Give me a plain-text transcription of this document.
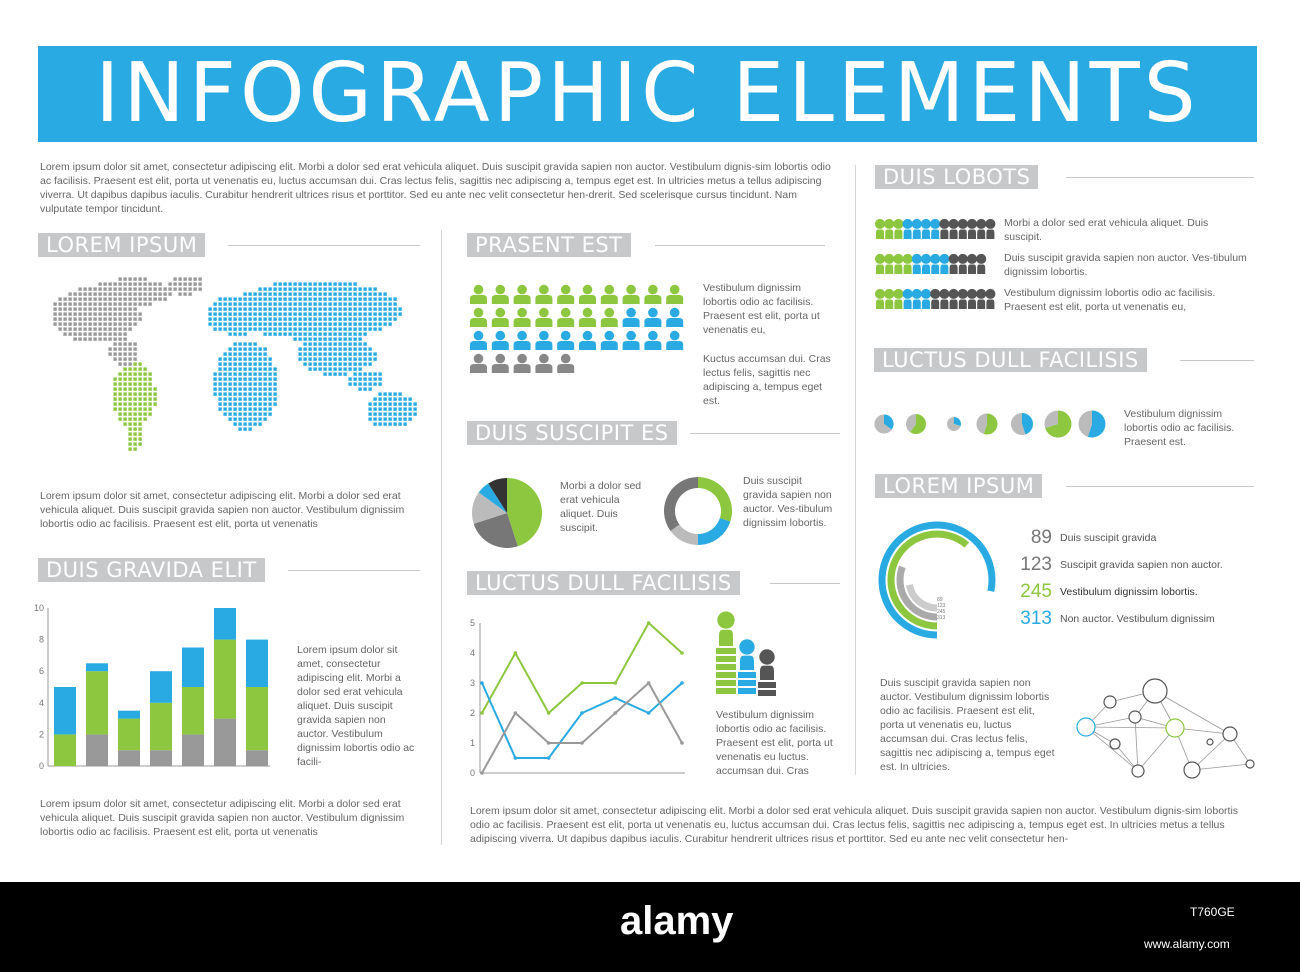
INFOGRAPHIC ELEMENTS
Lorem ipsum dolor sit amet, consectetur adipiscing elit. Morbi a dolor sed erat vehicula aliquet. Duis suscipit gravida sapien non auctor. Vestibulum dignis-sim lobortis odio ac facilisis. Praesent est elit, porta ut venenatis eu, luctus accumsan dui. Cras lectus felis, sagittis nec adipiscing a, tempus eget est. In ultricies metus a tellus adipiscing viverra. Ut dapibus dapibus iaculis. Curabitur hendrerit ultrices risus et porttitor. Sed eu ante nec velit consectetur hen-drerit. Sed scelerisque cursus tincidunt. Nam vulputate tempor tincidunt.
LOREM IPSUM
Lorem ipsum dolor sit amet, consectetur adipiscing elit. Morbi a dolor sed erat vehicula aliquet. Duis suscipit gravida sapien non auctor. Vestibulum dignissim lobortis odio ac facilisis. Praesent est elit, porta ut venenatis
DUIS GRAVIDA ELIT
0
2
4
6
8
10
Lorem ipsum dolor sit amet, consectetur adipiscing elit. Morbi a dolor sed erat vehicula aliquet. Duis suscipit gravida sapien non auctor. Vestibulum dignissim lobortis odio ac facili-
Lorem ipsum dolor sit amet, consectetur adipiscing elit. Morbi a dolor sed erat vehicula aliquet. Duis suscipit gravida sapien non auctor. Vestibulum dignissim lobortis odio ac facilisis. Praesent est elit, porta ut venenatis
PRASENT EST
Vestibulum dignissim lobortis odio ac facilisis. Praesent est elit, porta ut venenatis eu,
Kuctus accumsan dui. Cras lectus felis, sagittis nec adipiscing a, tempus eget est.
DUIS SUSCIPIT ES
Morbi a dolor sed erat vehicula aliquet. Duis suscipit.
Duis suscipit gravida sapien non auctor. Ves-tibulum dignissim lobortis.
LUCTUS DULL FACILISIS
0
1
2
3
4
5
Vestibulum dignissim lobortis odio ac facilisis. Praesent est elit, porta ut venenatis eu luctus. accumsan dui. Cras
Lorem ipsum dolor sit amet, consectetur adipiscing elit. Morbi a dolor sed erat vehicula aliquet. Duis suscipit gravida sapien non auctor. Vestibulum dignis-sim lobortis odio ac facilisis. Praesent est elit, porta ut venenatis eu, luctus accumsan dui. Cras lectus felis, sagittis nec adipiscing a, tempus eget est. In ultricies metus a tellus adipiscing viverra. Ut dapibus dapibus iaculis. Curabitur hendrerit ultrices risus et porttitor. Sed eu ante nec velit consectetur hen-
DUIS LOBOTS
Morbi a dolor sed erat vehicula aliquet. Duis suscipit.
Duis suscipit gravida sapien non auctor. Ves-tibulum dignissim lobortis.
Vestibulum dignissim lobortis odio ac facilisis. Praesent est elit, porta ut venenatis eu,
LUCTUS DULL FACILISIS
Vestibulum dignissim lobortis odio ac facilisis. Praesent est.
LOREM IPSUM
89
123
245
313
89 Duis suscipit gravida
123 Suscipit gravida sapien non auctor.
245 Vestibulum dignissim lobortis.
313 Non auctor. Vestibulum dignissim
Duis suscipit gravida sapien non auctor. Vestibulum dignissim lobortis odio ac facilisis. Praesent est elit, porta ut venenatis eu, luctus accumsan dui. Cras lectus felis, sagittis nec adipiscing a, tempus eget est. In ultricies.
alamy	T760GE
www.alamy.com
